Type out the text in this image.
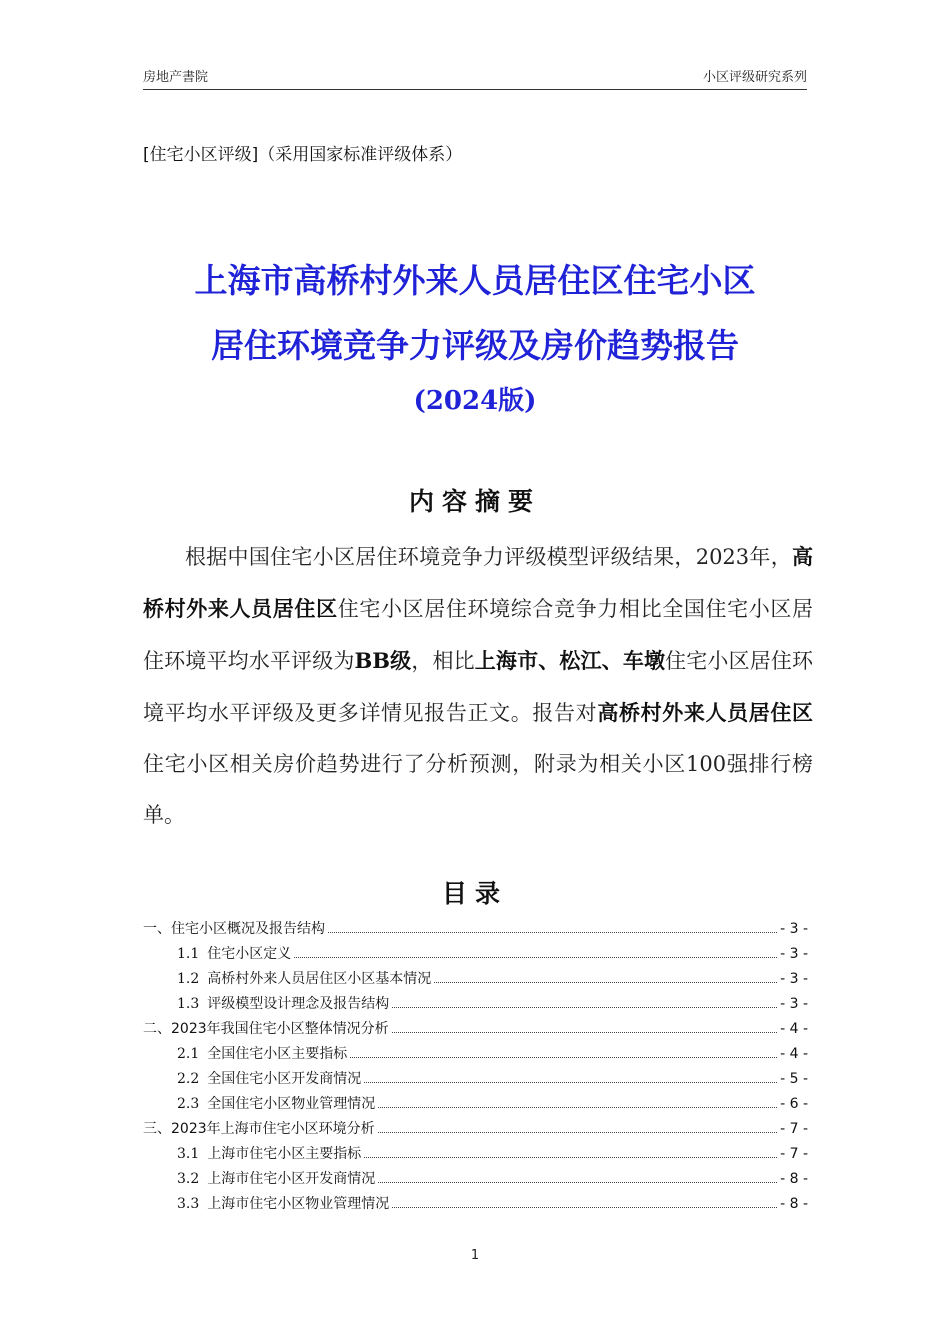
房地产書院	小区评级研究系列
[住宅小区评级]（采用国家标准评级体系）
上海市高桥村外来人员居住区住宅小区
居住环境竞争力评级及房价趋势报告
(2024版)
内容摘要

根据中国住宅小区居住环境竞争力评级模型评级结果，2023年，高桥村外来人员居住区住宅小区居住环境综合竞争力相比全国住宅小区居住环境平均水平评级为BB级，相比上海市、松江、车墩住宅小区居住环境平均水平评级及更多详情见报告正文。报告对高桥村外来人员居住区住宅小区相关房价趋势进行了分析预测，附录为相关小区100强排行榜单。

目录
一、住宅小区概况及报告结构	- 3 -
1.1 住宅小区定义	- 3 -
1.2 高桥村外来人员居住区小区基本情况	- 3 -
1.3 评级模型设计理念及报告结构	- 3 -
二、2023年我国住宅小区整体情况分析	- 4 -
2.1 全国住宅小区主要指标	- 4 -
2.2 全国住宅小区开发商情况	- 5 -
2.3 全国住宅小区物业管理情况	- 6 -
三、2023年上海市住宅小区环境分析	- 7 -
3.1 上海市住宅小区主要指标	- 7 -
3.2 上海市住宅小区开发商情况	- 8 -
3.3 上海市住宅小区物业管理情况	- 8 -
1
